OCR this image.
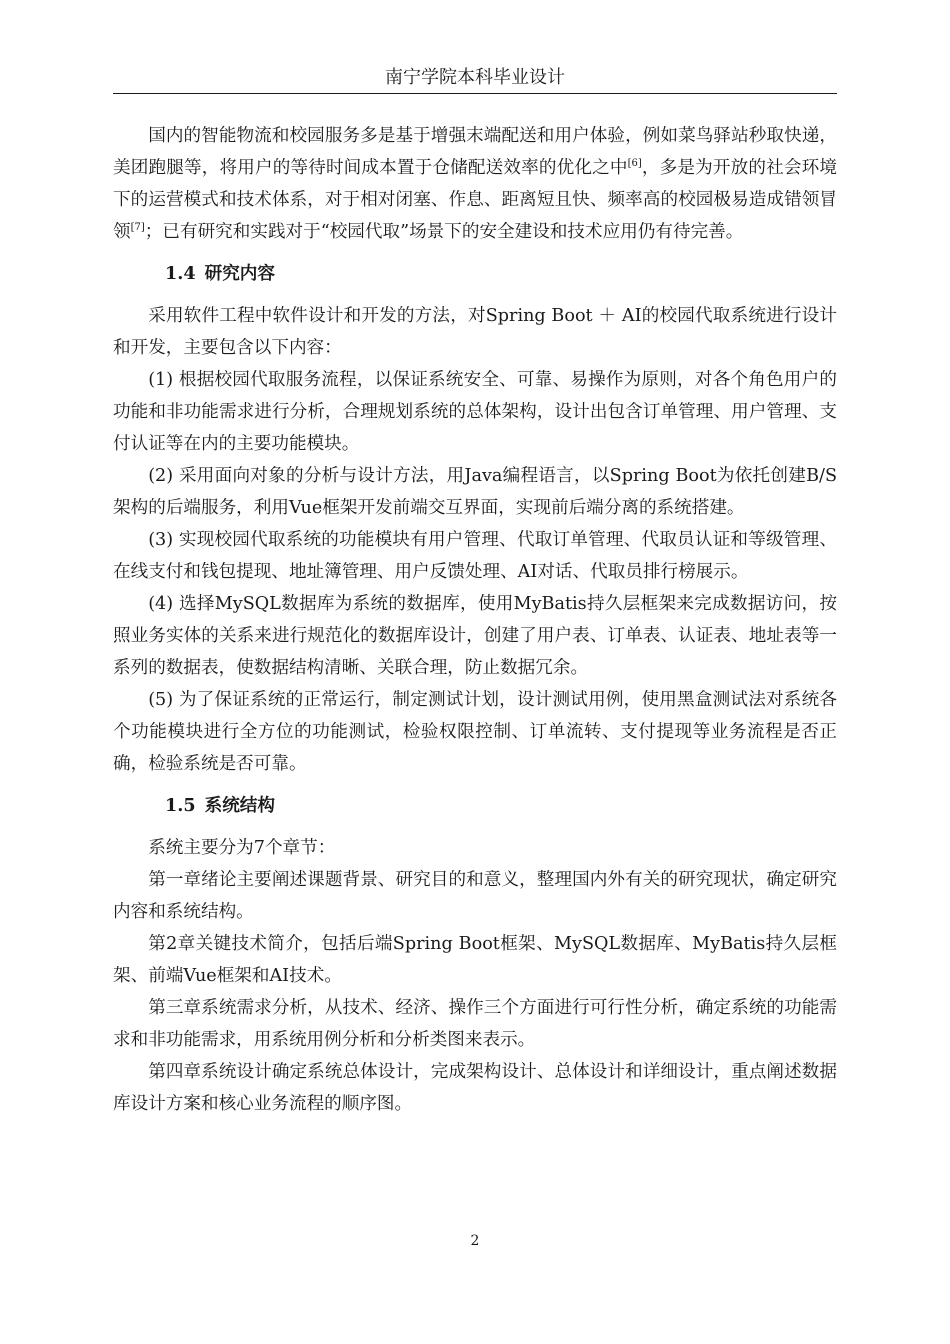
南宁学院本科毕业设计

国内的智能物流和校园服务多是基于增强末端配送和用户体验，例如菜鸟驿站秒取快递，美团跑腿等，将用户的等待时间成本置于仓储配送效率的优化之中[6]，多是为开放的社会环境下的运营模式和技术体系，对于相对闭塞、作息、距离短且快、频率高的校园极易造成错领冒领[7]；已有研究和实践对于“校园代取”场景下的安全建设和技术应用仍有待完善。

1.4 研究内容

采用软件工程中软件设计和开发的方法，对Spring Boot ＋ AI的校园代取系统进行设计和开发，主要包含以下内容：

(1) 根据校园代取服务流程，以保证系统安全、可靠、易操作为原则，对各个角色用户的功能和非功能需求进行分析，合理规划系统的总体架构，设计出包含订单管理、用户管理、支付认证等在内的主要功能模块。

(2) 采用面向对象的分析与设计方法，用Java编程语言，以Spring Boot为依托创建B/S架构的后端服务，利用Vue框架开发前端交互界面，实现前后端分离的系统搭建。

(3) 实现校园代取系统的功能模块有用户管理、代取订单管理、代取员认证和等级管理、在线支付和钱包提现、地址簿管理、用户反馈处理、AI对话、代取员排行榜展示。

(4) 选择MySQL数据库为系统的数据库，使用MyBatis持久层框架来完成数据访问，按照业务实体的关系来进行规范化的数据库设计，创建了用户表、订单表、认证表、地址表等一系列的数据表，使数据结构清晰、关联合理，防止数据冗余。

(5) 为了保证系统的正常运行，制定测试计划，设计测试用例，使用黑盒测试法对系统各个功能模块进行全方位的功能测试，检验权限控制、订单流转、支付提现等业务流程是否正确，检验系统是否可靠。

1.5 系统结构

系统主要分为7个章节：

第一章绪论主要阐述课题背景、研究目的和意义，整理国内外有关的研究现状，确定研究内容和系统结构。

第2章关键技术简介，包括后端Spring Boot框架、MySQL数据库、MyBatis持久层框架、前端Vue框架和AI技术。

第三章系统需求分析，从技术、经济、操作三个方面进行可行性分析，确定系统的功能需求和非功能需求，用系统用例分析和分析类图来表示。

第四章系统设计确定系统总体设计，完成架构设计、总体设计和详细设计，重点阐述数据库设计方案和核心业务流程的顺序图。

2
